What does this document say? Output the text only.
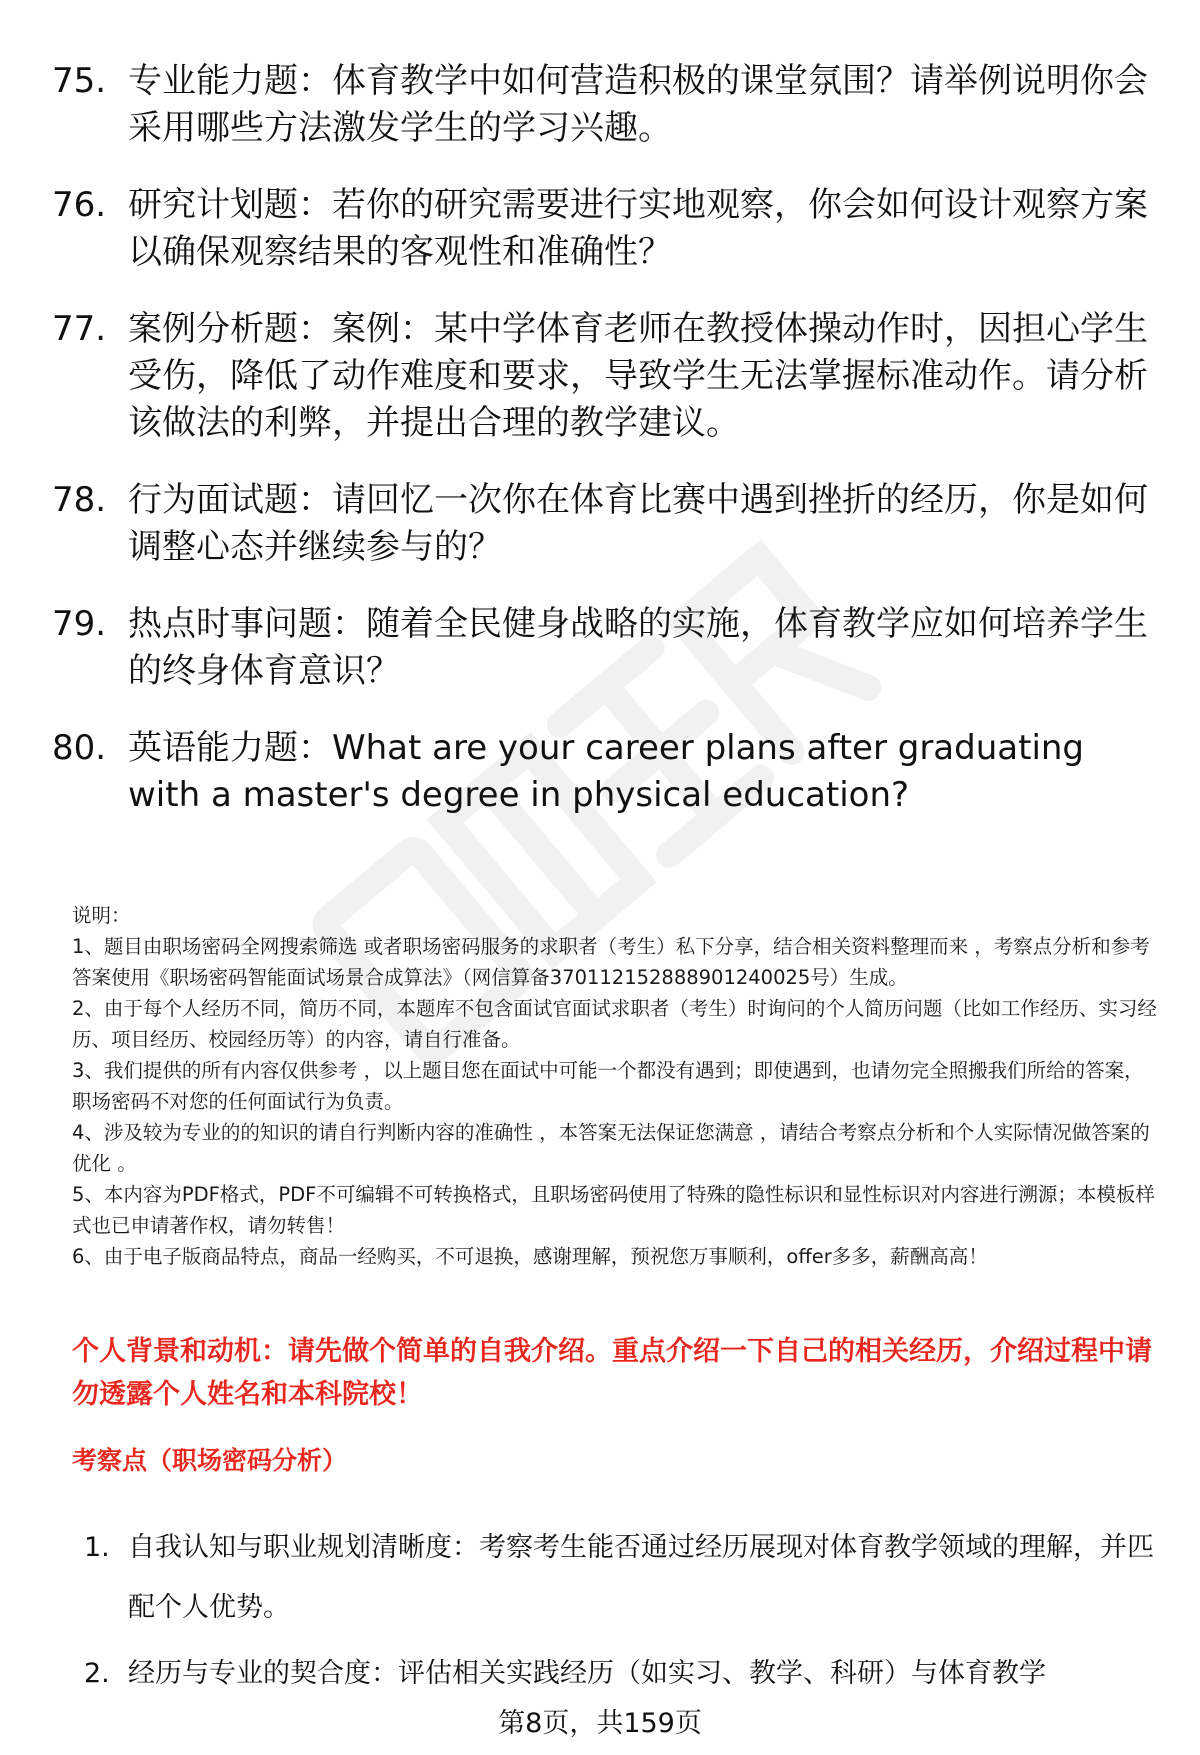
75. 专业能力题：体育教学中如何营造积极的课堂氛围？请举例说明你会采用哪些方法激发学生的学习兴趣。
76. 研究计划题：若你的研究需要进行实地观察，你会如何设计观察方案以确保观察结果的客观性和准确性？
77. 案例分析题：案例：某中学体育老师在教授体操动作时，因担心学生受伤，降低了动作难度和要求，导致学生无法掌握标准动作。请分析该做法的利弊，并提出合理的教学建议。
78. 行为面试题：请回忆一次你在体育比赛中遇到挫折的经历，你是如何调整心态并继续参与的？
79. 热点时事问题：随着全民健身战略的实施，体育教学应如何培养学生的终身体育意识？
80. 英语能力题：What are your career plans after graduating with a master's degree in physical education?

说明：

1、题目由职场密码全网搜索筛选 或者职场密码服务的求职者（考生）私下分享，结合相关资料整理而来 ，考察点分析和参考答案使用《职场密码智能面试场景合成算法》（网信算备370112152888901240025号）生成。

2、由于每个人经历不同，简历不同，本题库不包含面试官面试求职者（考生）时询问的个人简历问题（比如工作经历、实习经历、项目经历、校园经历等）的内容，请自行准备。

3、我们提供的所有内容仅供参考 ，以上题目您在面试中可能一个都没有遇到；即使遇到，也请勿完全照搬我们所给的答案，职场密码不对您的任何面试行为负责。

4、涉及较为专业的的知识的请自行判断内容的准确性 ，本答案无法保证您满意 ，请结合考察点分析和个人实际情况做答案的优化 。

5、本内容为PDF格式，PDF不可编辑不可转换格式，且职场密码使用了特殊的隐性标识和显性标识对内容进行溯源；本模板样式也已申请著作权，请勿转售！

6、由于电子版商品特点，商品一经购买，不可退换，感谢理解，预祝您万事顺利，offer多多，薪酬高高！

个人背景和动机：请先做个简单的自我介绍。重点介绍一下自己的相关经历，介绍过程中请勿透露个人姓名和本科院校！
考察点（职场密码分析）
1. 自我认知与职业规划清晰度：考察考生能否通过经历展现对体育教学领域的理解，并匹配个人优势。
2. 经历与专业的契合度：评估相关实践经历（如实习、教学、科研）与体育教学
第8页，共159页
